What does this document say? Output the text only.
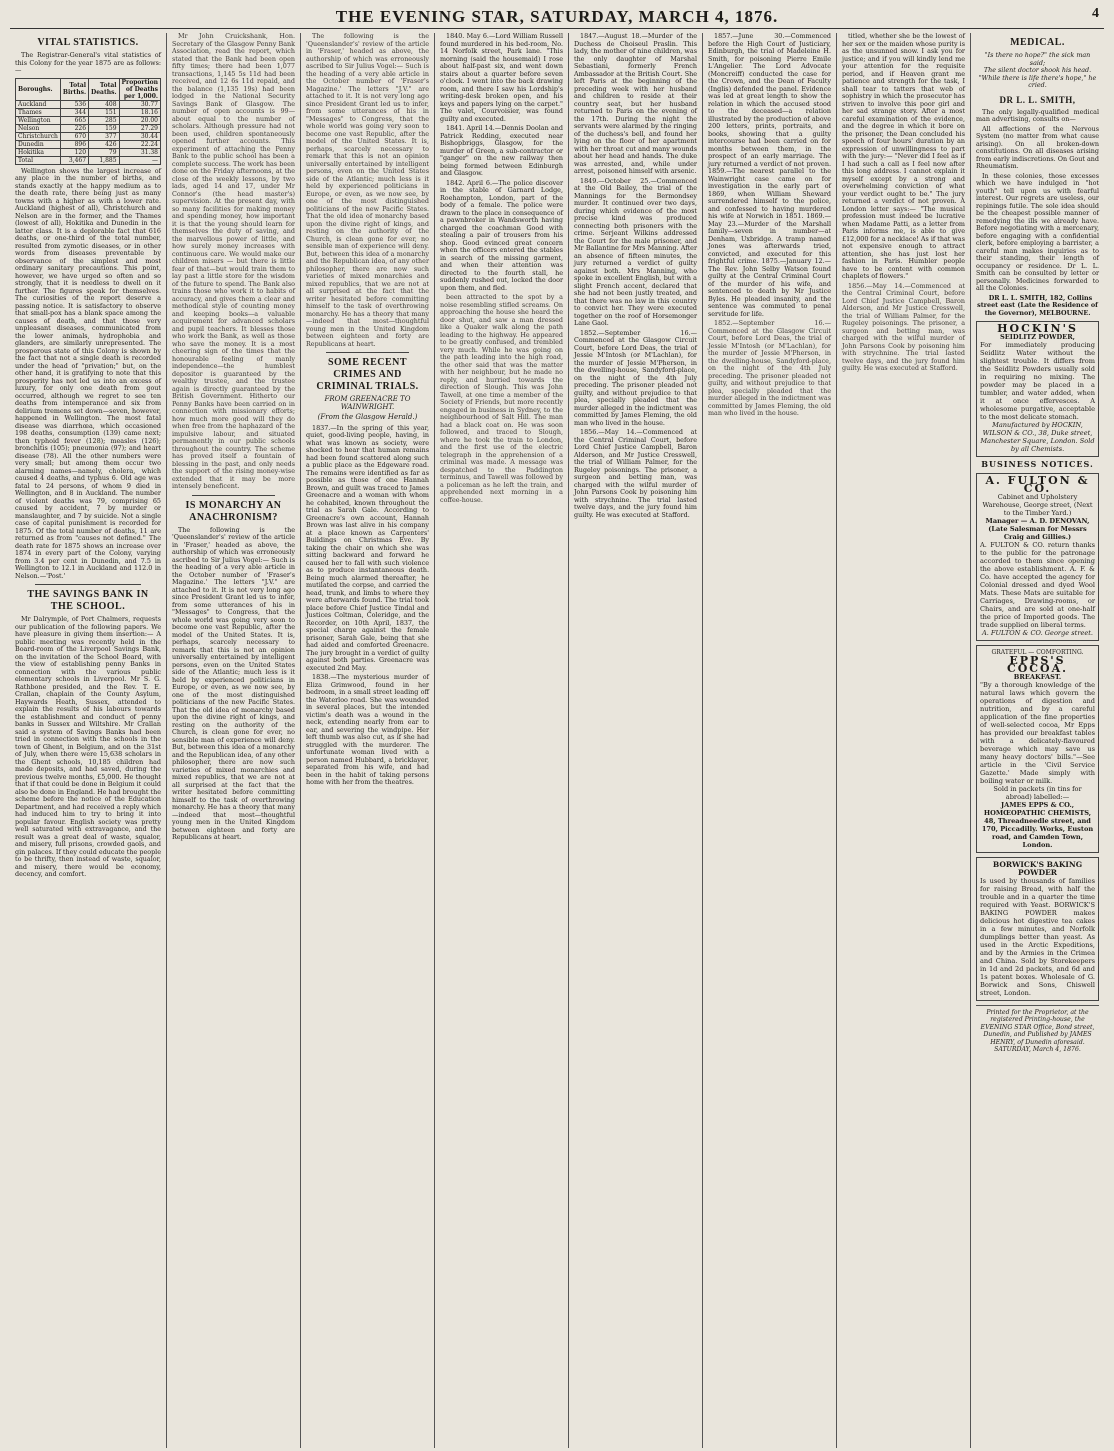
THE EVENING STAR, SATURDAY, MARCH 4, 1876.	4
VITAL STATISTICS.

The Registrar-General's vital statistics of this Colony for the year 1875 are as follows:—

Boroughs.	Total Births.	Total Deaths.	Proportion of Deaths per 1,000.
Auckland	536	408	30.77
Thames	344	151	18.16
Wellington	665	285	20.00
Nelson	226	159	27.29
Christchurch	670	377	30.44
Dunedin	896	426	22.24
Hokitika	120	79	31.38
Total	3,467	1,885	—

Wellington shows the largest increase of any place in the number of births, and stands exactly at the happy medium as to the death rate, there being just as many towns with a higher as with a lower rate. Auckland (highest of all), Christchurch and Nelson are in the former, and the Thames (lowest of all), Hokitika and Dunedin in the latter class. It is a deplorable fact that 616 deaths, or one-third of the total number, resulted from zymotic diseases, or in other words from diseases preventable by observance of the simplest and most ordinary sanitary precautions. This point, however, we have urged so often and so strongly, that it is needless to dwell on it further. The figures speak for themselves. The curiosities of the report deserve a passing notice. It is satisfactory to observe that small-pox has a blank space among the causes of death, and that those very unpleasant diseases, communicated from the lower animals, hydrophobia and glanders, are similarly unrepresented. The prosperous state of this Colony is shown by the fact that not a single death is recorded under the head of "privation;" but, on the other hand, it is gratifying to note that this prosperity has not led us into an excess of luxury, for only one death from gout occurred, although we regret to see ten deaths from intemperance and six from delirium tremens set down—seven, however, happened in Wellington. The most fatal disease was diarrhœa, which occasioned 198 deaths, consumption (139) came next; then typhoid fever (128); measles (126); bronchitis (105); pneumonia (97); and heart disease (78). All the other numbers were very small; but among them occur two alarming names—namely, cholera, which caused 4 deaths, and typhus 6. Old age was fatal to 24 persons, of whom 9 died in Wellington, and 8 in Auckland. The number of violent deaths was 79, comprising 65 caused by accident, 7 by murder or manslaughter, and 7 by suicide. Not a single case of capital punishment is recorded for 1875. Of the total number of deaths, 11 are returned as from "causes not defined." The death rate for 1875 shows an increase over 1874 in every part of the Colony, varying from 3.4 per cent in Dunedin, and 7.5 in Wellington to 12.1 in Auckland and 112.0 in Nelson.—'Post.'

THE SAVINGS BANK IN THE SCHOOL.

Mr Dalrymple, of Port Chalmers, requests our publication of the following papers. We have pleasure in giving them insertion:— A public meeting was recently held in the Board-room of the Liverpool Savings Bank, on the invitation of the School Board, with the view of establishing penny Banks in connection with the various public elementary schools in Liverpool. Mr S. G. Rathbone presided, and the Rev. T. E. Crallan, chaplain of the County Asylum, Haywards Heath, Sussex, attended to explain the results of his labours towards the establishment and conduct of penny banks in Sussex and Wiltshire. Mr Crallan said a system of Savings Banks had been tried in connection with the schools in the town of Ghent, in Belgium, and on the 31st of July, when there were 15,638 scholars in the Ghent schools, 10,185 children had made deposits, and had saved, during the previous twelve months, £5,000. He thought that if that could be done in Belgium it could also be done in England. He had brought the scheme before the notice of the Education Department, and had received a reply which had induced him to try to bring it into popular favour. English society was pretty well saturated with extravagance, and the result was a great deal of waste, squalor, and misery, full prisons, crowded gaols, and gin palaces. If they could educate the people to be thrifty, then instead of waste, squalor, and misery, there would be economy, decency, and comfort.

Mr John Cruickshank, Hon. Secretary of the Glasgow Penny Bank Association, read the report, which stated that the Bank had been open fifty times; there had been 1,077 transactions, 1,145 5s 11d had been received, and 12 6s 11d repaid, and the balance (1,135 19s) had been lodged in the National Security Savings Bank of Glasgow. The number of open accounts is 99—about equal to the number of scholars. Although pressure had not been used, children spontaneously opened further accounts. This experiment of attaching the Penny Bank to the public school has been a complete success. The work has been done on the Friday afternoons, at the close of the weekly lessons, by two lads, aged 14 and 17, under Mr Connor's (the head master's) supervision. At the present day, with so many facilities for making money and spending money, how important it is that the young should learn for themselves the duty of saving, and the marvellous power of little, and how surely money increases with continuous care. We would make our children misers — but there is little fear of that—but would train them to lay past a little store for the wisdom of the future to spend. The Bank also trains those who work it to habits of accuracy, and gives them a clear and methodical style of counting money and keeping books—a valuable acquirement for advanced scholars and pupil teachers. It blesses those who work the Bank, as well as those who save the money. It is a most cheering sign of the times that the honourable feeling of manly independence—the humblest depositor is guaranteed by the wealthy trustee, and the trustee again is directly guaranteed by the British Government. Hitherto our Penny Banks have been carried on in connection with missionary efforts; how much more good will they do when free from the haphazard of the impulsive labour, and situated permanently in our public schools throughout the country. The scheme has proved itself a fountain of blessing in the past, and only needs the support of the rising money-wise extended that it may be more intensely beneficent.

IS MONARCHY AN ANACHRONISM?

The following is the 'Queenslander's' review of the article in 'Fraser,' headed as above, the authorship of which was erroneously ascribed to Sir Julius Vogel:— Such is the heading of a very able article in the October number of 'Fraser's Magazine.' The letters "J.V." are attached to it. It is not very long ago since President Grant led us to infer, from some utterances of his in "Messages" to Congress, that the whole world was going very soon to become one vast Republic, after the model of the United States. It is, perhaps, scarcely necessary to remark that this is not an opinion universally entertained by intelligent persons, even on the United States side of the Atlantic; much less is it held by experienced politicians in Europe, or even, as we now see, by one of the most distinguished politicians of the new Pacific States. That the old idea of monarchy based upon the divine right of kings, and resting on the authority of the Church, is clean gone for ever, no sensible man of experience will deny. But, between this idea of a monarchy and the Republican idea, of any other philosopher, there are now such varieties of mixed monarchies and mixed republics, that we are not at all surprised at the fact that the writer hesitated before committing himself to the task of overthrowing monarchy. He has a theory that many—indeed that most—thoughtful young men in the United Kingdom between eighteen and forty are Republicans at heart.

The following is the 'Queenslander's' review of the article in 'Fraser,' headed as above, the authorship of which was erroneously ascribed to Sir Julius Vogel:— Such is the heading of a very able article in the October number of 'Fraser's Magazine.' The letters "J.V." are attached to it. It is not very long ago since President Grant led us to infer, from some utterances of his in "Messages" to Congress, that the whole world was going very soon to become one vast Republic, after the model of the United States. It is, perhaps, scarcely necessary to remark that this is not an opinion universally entertained by intelligent persons, even on the United States side of the Atlantic; much less is it held by experienced politicians in Europe, or even, as we now see, by one of the most distinguished politicians of the new Pacific States. That the old idea of monarchy based upon the divine right of kings, and resting on the authority of the Church, is clean gone for ever, no sensible man of experience will deny. But, between this idea of a monarchy and the Republican idea, of any other philosopher, there are now such varieties of mixed monarchies and mixed republics, that we are not at all surprised at the fact that the writer hesitated before committing himself to the task of overthrowing monarchy. He has a theory that many—indeed that most—thoughtful young men in the United Kingdom between eighteen and forty are Republicans at heart.

SOME RECENT CRIMES AND CRIMINAL TRIALS.
FROM GREENACRE TO WAINWRIGHT.
(From the Glasgow Herald.)

1837.—In the spring of this year, quiet, good-living people, having, in what was known as society, were shocked to hear that human remains had been found scattered along such a public place as the Edgeware road. The remains were identified as far as possible as those of one Hannah Brown, and guilt was traced to James Greenacre and a woman with whom he cohabited, known throughout the trial as Sarah Gale. According to Greenacre's own account, Hannah Brown was last alive in his company at a place known as Carpenters' Buildings on Christmas Eve. By taking the chair on which she was sitting backward and forward he caused her to fall with such violence as to produce instantaneous death. Being much alarmed thereafter, he mutilated the corpse, and carried the head, trunk, and limbs to where they were afterwards found. The trial took place before Chief Justice Tindal and Justices Coltman, Coleridge, and the Recorder, on 10th April, 1837, the special charge against the female prisoner, Sarah Gale, being that she had aided and comforted Greenacre. The jury brought in a verdict of guilty against both parties. Greenacre was executed 2nd May.

1838.—The mysterious murder of Eliza Grimwood, found in her bedroom, in a small street leading off the Waterloo road. She was wounded in several places, but the intended victim's death was a wound in the neck, extending nearly from ear to ear, and severing the windpipe. Her left thumb was also cut, as if she had struggled with the murderer. The unfortunate woman lived with a person named Hubbard, a bricklayer, separated from his wife, and had been in the habit of taking persons home with her from the theatres.

1840. May 6.—Lord William Russell found murdered in his bed-room, No. 14 Norfolk street, Park lane. "This morning (said the housemaid) I rose about half-past six, and went down stairs about a quarter before seven o'clock. I went into the back drawing room, and there I saw his Lordship's writing-desk broken open, and his keys and papers lying on the carpet." The valet, Courvoisier, was found guilty and executed.

1841. April 14.—Dennis Doolan and Patrick Redding, executed near Bishopbriggs, Glasgow, for the murder of Green, a sub-contractor or "ganger" on the new railway then being formed between Edinburgh and Glasgow.

1842. April 6.—The police discover in the stable of Garnard Lodge, Roehampton, London, part of the body of a female. The police were drawn to the place in consequence of a pawnbroker in Wandsworth having charged the coachman Good with stealing a pair of trousers from his shop. Good evinced great concern when the officers entered the stables in search of the missing garment, and when their attention was directed to the fourth stall, he suddenly rushed out, locked the door upon them, and fled.

been attracted to the spot by a noise resembling stifled screams. On approaching the house she heard the door shut, and saw a man dressed like a Quaker walk along the path leading to the highway. He appeared to be greatly confused, and trembled very much. While he was going on the path leading into the high road, the other said that was the matter with her neighbour, but he made no reply, and hurried towards the direction of Slough. This was John Tawell, at one time a member of the Society of Friends, but more recently engaged in business in Sydney, to the neighbourhood of Salt Hill. The man had a black coat on. He was soon followed, and traced to Slough, where he took the train to London, and the first use of the electric telegraph in the apprehension of a criminal was made. A message was despatched to the Paddington terminus, and Tawell was followed by a policeman as he left the train, and apprehended next morning in a coffee-house.

1847.—August 18.—Murder of the Duchess de Choiseul Praslin. This lady, the mother of nine children, was the only daughter of Marshal Sebastiani, formerly French Ambassador at the British Court. She left Paris at the beginning of the preceding week with her husband and children to reside at their country seat, but her husband returned to Paris on the evening of the 17th. During the night the servants were alarmed by the ringing of the duchess's bell, and found her lying on the floor of her apartment with her throat cut and many wounds about her head and hands. The duke was arrested, and, while under arrest, poisoned himself with arsenic.

1849.—October 25.—Commenced at the Old Bailey, the trial of the Mannings for the Bermondsey murder. It continued over two days, during which evidence of the most precise kind was produced connecting both prisoners with the crime. Serjeant Wilkins addressed the Court for the male prisoner, and Mr Ballantine for Mrs Manning. After an absence of fifteen minutes, the jury returned a verdict of guilty against both. Mrs Manning, who spoke in excellent English, but with a slight French accent, declared that she had not been justly treated, and that there was no law in this country to convict her. They were executed together on the roof of Horsemonger Lane Gaol.

1852.—September 16.—Commenced at the Glasgow Circuit Court, before Lord Deas, the trial of Jessie M'Intosh (or M'Lachlan), for the murder of Jessie M'Pherson, in the dwelling-house, Sandyford-place, on the night of the 4th July preceding. The prisoner pleaded not guilty, and without prejudice to that plea, specially pleaded that the murder alleged in the indictment was committed by James Fleming, the old man who lived in the house.

1856.—May 14.—Commenced at the Central Criminal Court, before Lord Chief Justice Campbell, Baron Alderson, and Mr Justice Cresswell, the trial of William Palmer, for the Rugeley poisonings. The prisoner, a surgeon and betting man, was charged with the wilful murder of John Parsons Cook by poisoning him with strychnine. The trial lasted twelve days, and the jury found him guilty. He was executed at Stafford.

1857.—June 30.—Commenced before the High Court of Justiciary, Edinburgh, the trial of Madeleine H. Smith, for poisoning Pierre Emile L'Angelier. The Lord Advocate (Moncreiff) conducted the case for the Crown, and the Dean of Faculty (Inglis) defended the panel. Evidence was led at great length to show the relation in which the accused stood to the deceased—a relation illustrated by the production of above 200 letters, prints, portraits, and books, showing that a guilty intercourse had been carried on for months between them, in the prospect of an early marriage. The jury returned a verdict of not proven. 1859.—The nearest parallel to the Wainwright case came on for investigation in the early part of 1869, when William Sheward surrendered himself to the police, and confessed to having murdered his wife at Norwich in 1851. 1869.—May 23.—Murder of the Marshall family—seven in number—at Denham, Uxbridge. A tramp named Jones was afterwards tried, convicted, and executed for this frightful crime. 1875.—January 12.—The Rev. John Selby Watson found guilty at the Central Criminal Court of the murder of his wife, and sentenced to death by Mr Justice Byles. He pleaded insanity, and the sentence was commuted to penal servitude for life.

1852.—September 16.—Commenced at the Glasgow Circuit Court, before Lord Deas, the trial of Jessie M'Intosh (or M'Lachlan), for the murder of Jessie M'Pherson, in the dwelling-house, Sandyford-place, on the night of the 4th July preceding. The prisoner pleaded not guilty, and without prejudice to that plea, specially pleaded that the murder alleged in the indictment was committed by James Fleming, the old man who lived in the house.

titled, whether she be the lowest of her sex or the maiden whose purity is as the unsunned snow. I ask you for justice; and if you will kindly lend me your attention for the requisite period, and if Heaven grant me patience and strength for the task, I shall tear to tatters that web of sophistry in which the prosecutor has striven to involve this poor girl and her sad strange story. After a most careful examination of the evidence, and the degree in which it bore on the prisoner, the Dean concluded his speech of four hours' duration by an expression of unwillingness to part with the jury:— "Never did I feel as if I had such a call as I feel now after this long address. I cannot explain it myself except by a strong and overwhelming conviction of what your verdict ought to be." The jury returned a verdict of not proven. A London letter says:— "The musical profession must indeed be lucrative when Madame Patti, as a letter from Paris informs me, is able to give £12,000 for a necklace! As if that was not expensive enough to attract attention, she has just lost her fashion in Paris. Humbler people have to be content with common chaplets of flowers."

1856.—May 14.—Commenced at the Central Criminal Court, before Lord Chief Justice Campbell, Baron Alderson, and Mr Justice Cresswell, the trial of William Palmer, for the Rugeley poisonings. The prisoner, a surgeon and betting man, was charged with the wilful murder of John Parsons Cook by poisoning him with strychnine. The trial lasted twelve days, and the jury found him guilty. He was executed at Stafford.

MEDICAL.
"Is there no hope?" the sick man said;
The silent doctor shook his head.
"While there is life there's hope," he cried.
DR L. L. SMITH,

The only legally-qualified medical man advertising, consults on—

All affections of the Nervous System (no matter from what cause arising). On all broken-down constitutions. On all diseases arising from early indiscretions. On Gout and Rheumatism.

In these colonies, those excesses which we have indulged in "hot youth" tell upon us with fearful interest. Our regrets are useless, our repinings futile. The sole idea should be the cheapest possible manner of remedying the ills we already have. Before negotiating with a mercenary, before engaging with a confidential clerk, before employing a barrister, a careful man makes inquiries as to their standing, their length of occupancy or residence. Dr L. L. Smith can be consulted by letter or personally. Medicines forwarded to all the Colonies.

DR L. L. SMITH, 182, Collins street east (Late the Residence of the Governor), MELBOURNE.

HOCKIN'S
SEIDLITZ POWDER,
For immediately producing Seidlitz Water without the slightest trouble. It differs from the Seidlitz Powders usually sold in requiring no mixing. The powder may be placed in a tumbler, and water added, when it at once effervesces. A wholesome purgative, acceptable to the most delicate stomach.
Manufactured by HOCKIN, WILSON & CO., 38, Duke street, Manchester Square, London. Sold by all Chemists.
BUSINESS NOTICES.
A. FULTON & CO.
Cabinet and Upholstery Warehouse, George street, (Next to the Timber Yard.)
Manager — A. D. DENOVAN, (Late Salesman for Messrs Craig and Gillies.)
A. FULTON & CO. return thanks to the public for the patronage accorded to them since opening the above establishment. A. F. & Co. have accepted the agency for Colonial dressed and dyed Wool Mats. These Mats are suitable for Carriages, Drawing-rooms, or Chairs, and are sold at one-half the price of Imported goods. The trade supplied on liberal terms.
A. FULTON & CO. George street.
GRATEFUL — COMFORTING.
EPPS'S COCOA.
BREAKFAST.
"By a thorough knowledge of the natural laws which govern the operations of digestion and nutrition, and by a careful application of the fine properties of well-selected cocoa, Mr Epps has provided our breakfast tables with a delicately-flavoured beverage which may save us many heavy doctors' bills."—See article in the 'Civil Service Gazette.' Made simply with boiling water or milk.
Sold in packets (in tins for abroad) labelled:—
JAMES EPPS & CO., HOMŒOPATHIC CHEMISTS, 48, Threadneedle street, and 170, Piccadilly. Works, Euston road, and Camden Town, London.
BORWICK'S BAKING POWDER
Is used by thousands of families for raising Bread, with half the trouble and in a quarter the time required with Yeast. BORWICK'S BAKING POWDER makes delicious hot digestive tea cakes in a few minutes, and Norfolk dumplings better than yeast. As used in the Arctic Expeditions, and by the Armies in the Crimea and China. Sold by Storekeepers in 1d and 2d packets, and 6d and 1s patent boxes. Wholesale of G. Borwick and Sons, Chiswell street, London.
Printed for the Proprietor, at the registered Printing-house, the EVENING STAR Office, Bond street, Dunedin, and Published by JAMES HENRY, of Dunedin aforesaid. SATURDAY, March 4, 1876.
